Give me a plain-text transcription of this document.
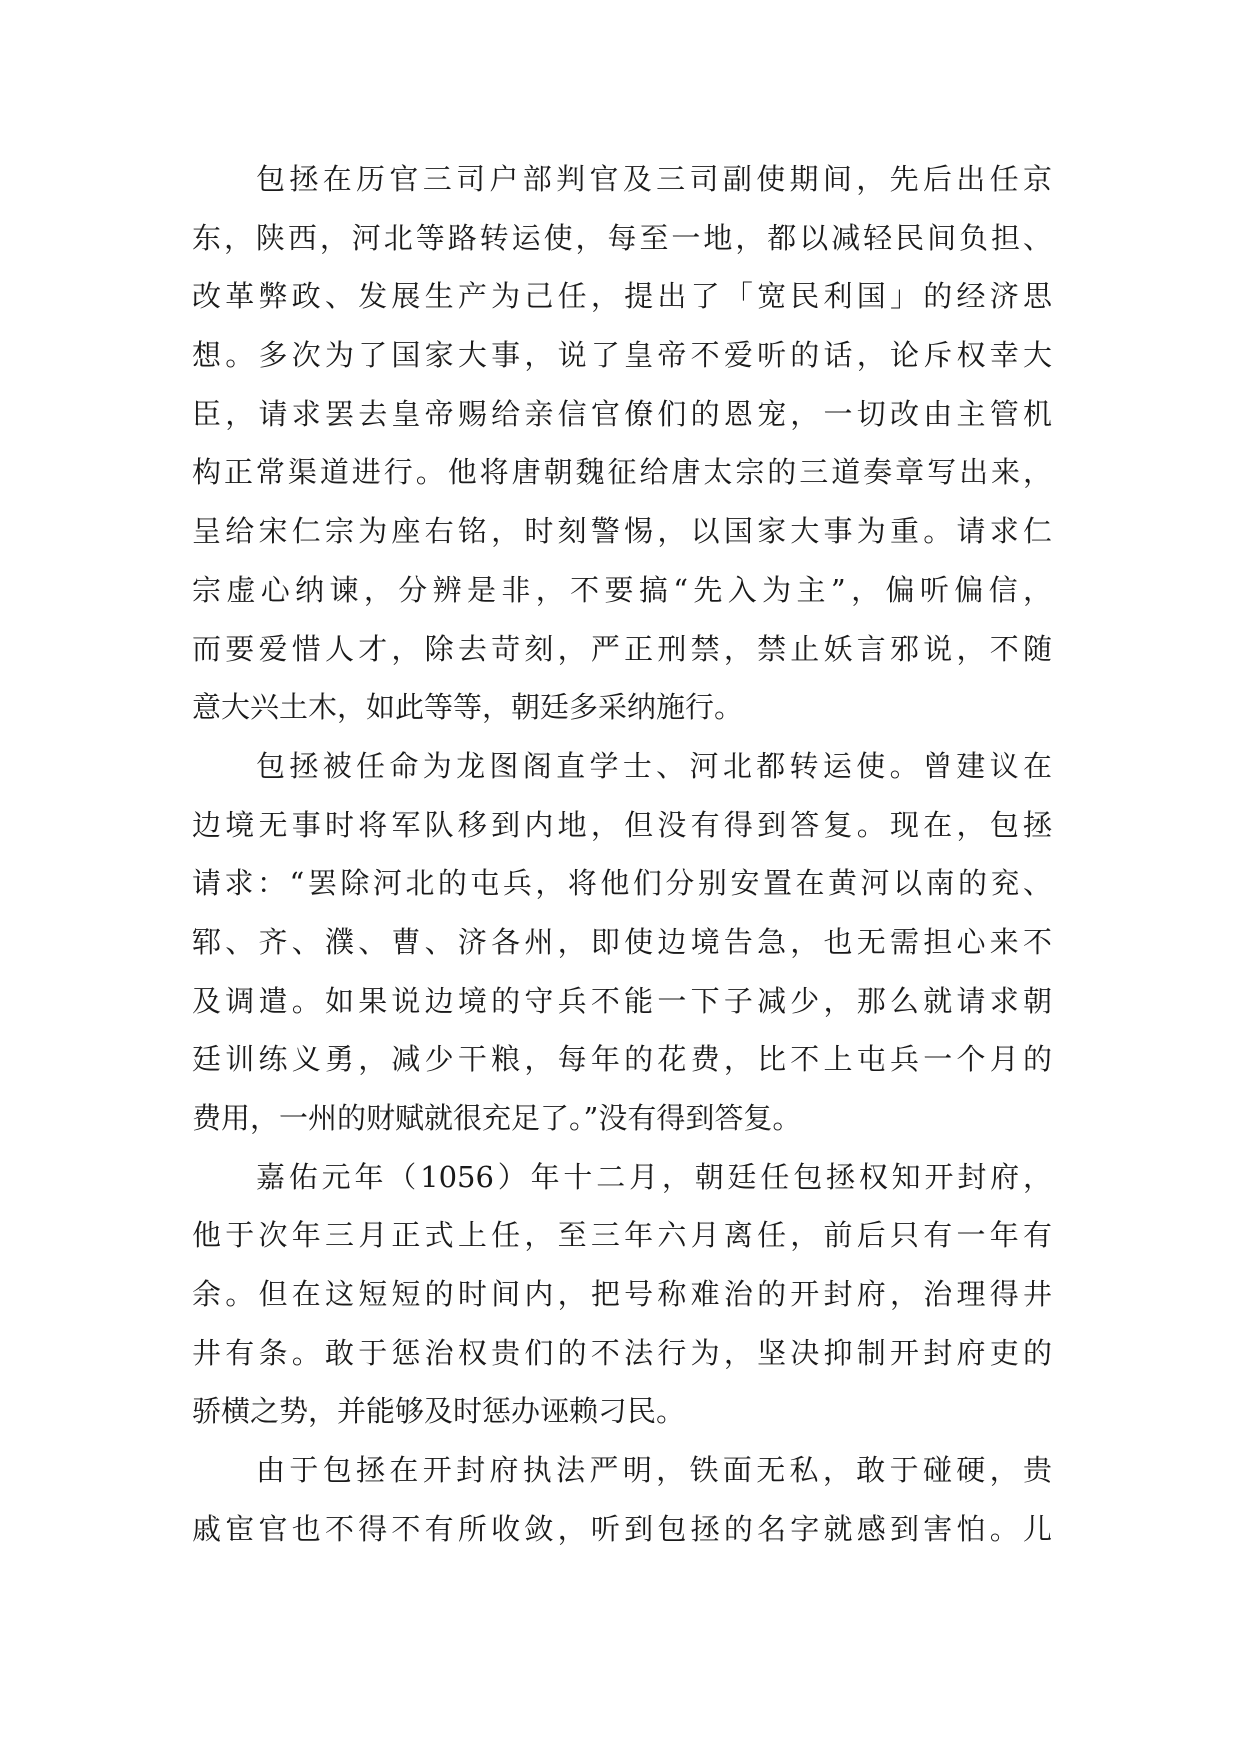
包拯在历官三司户部判官及三司副使期间，先后出任京
东，陕西，河北等路转运使，每至一地，都以减轻民间负担、
改革弊政、发展生产为己任，提出了「宽民利国」的经济思
想。多次为了国家大事，说了皇帝不爱听的话，论斥权幸大
臣，请求罢去皇帝赐给亲信官僚们的恩宠，一切改由主管机
构正常渠道进行。他将唐朝魏征给唐太宗的三道奏章写出来，
呈给宋仁宗为座右铭，时刻警惕，以国家大事为重。请求仁
宗虚心纳谏，分辨是非，不要搞“先入为主”，偏听偏信，
而要爱惜人才，除去苛刻，严正刑禁，禁止妖言邪说，不随
意大兴土木，如此等等，朝廷多采纳施行。
包拯被任命为龙图阁直学士、河北都转运使。曾建议在
边境无事时将军队移到内地，但没有得到答复。现在，包拯
请求：“罢除河北的屯兵，将他们分别安置在黄河以南的兖、
郓、齐、濮、曹、济各州，即使边境告急，也无需担心来不
及调遣。如果说边境的守兵不能一下子减少，那么就请求朝
廷训练义勇，减少干粮，每年的花费，比不上屯兵一个月的
费用，一州的财赋就很充足了。”没有得到答复。
嘉佑元年（1056）年十二月，朝廷任包拯权知开封府，
他于次年三月正式上任，至三年六月离任，前后只有一年有
余。但在这短短的时间内，把号称难治的开封府，治理得井
井有条。敢于惩治权贵们的不法行为，坚决抑制开封府吏的
骄横之势，并能够及时惩办诬赖刁民。
由于包拯在开封府执法严明，铁面无私，敢于碰硬，贵
戚宦官也不得不有所收敛，听到包拯的名字就感到害怕。儿
